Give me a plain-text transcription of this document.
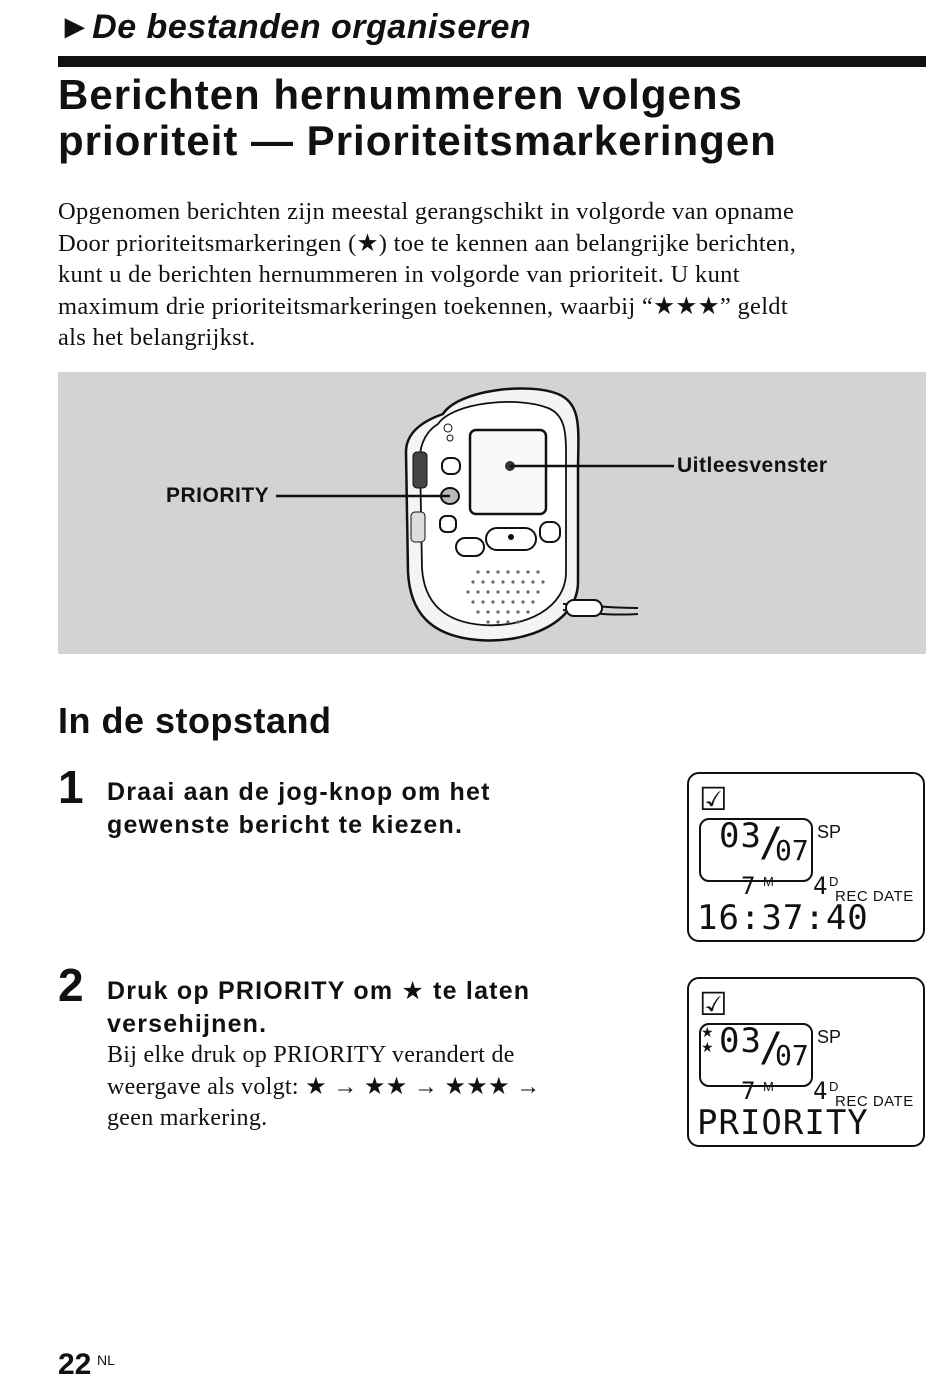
►De bestanden organiseren
Berichten hernummeren volgens
prioriteit — Prioriteitsmarkeringen

Opgenomen berichten zijn meestal gerangschikt in volgorde van opname
Door prioriteitsmarkeringen (★) toe te kennen aan belangrijke berichten,
kunt u de berichten hernummeren in volgorde van prioriteit. U kunt
maximum drie prioriteitsmarkeringen toekennen, waarbij “★★★” geldt
als het belangrijkst.

PRIORITY
Uitleesvenster
In de stopstand
1 Draai aan de jog-knop om het
gewenste bericht te kiezen.
2 Druk op PRIORITY om ★ te laten
versehijnen.
Bij elke druk op PRIORITY verandert de
weergave als volgt: ★ → ★★ → ★★★ →
geen markering.
☑
03
/
07
SP
7 M 4 D
REC DATE
16:37:40
☑
★★ 03
/
07
SP
7 M 4 D
REC DATE
PRIORITY
22 NL
